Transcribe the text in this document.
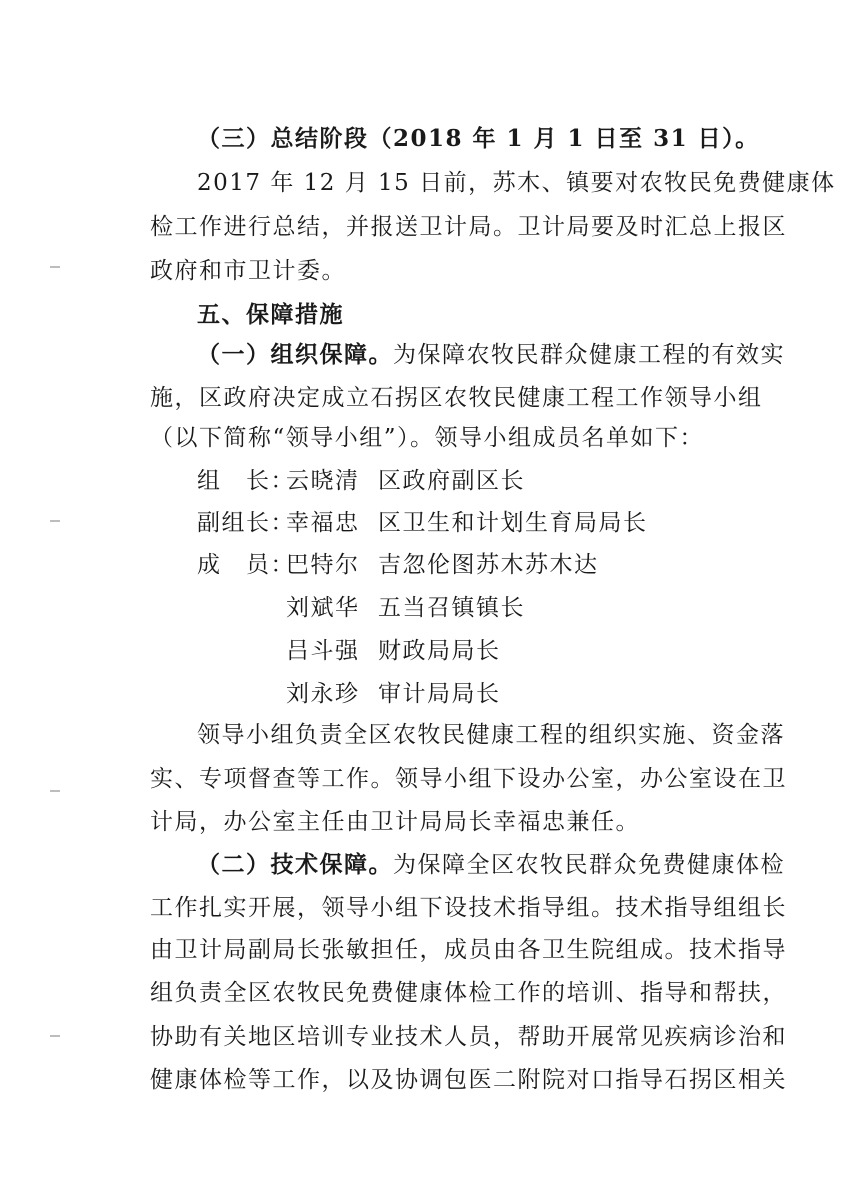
（三）总结阶段（2018 年 1 月 1 日至 31 日）。
2017 年 12 月 15 日前，苏木、镇要对农牧民免费健康体
检工作进行总结，并报送卫计局。卫计局要及时汇总上报区
政府和市卫计委。
五、保障措施
（一）组织保障。为保障农牧民群众健康工程的有效实
施，区政府决定成立石拐区农牧民健康工程工作领导小组
（以下简称“领导小组”）。领导小组成员名单如下：
组　长：
云晓清 区政府副区长
副组长：
幸福忠 区卫生和计划生育局局长
成　员：
巴特尔 吉忽伦图苏木苏木达
刘斌华 五当召镇镇长
吕斗强 财政局局长
刘永珍 审计局局长
领导小组负责全区农牧民健康工程的组织实施、资金落
实、专项督查等工作。领导小组下设办公室，办公室设在卫
计局，办公室主任由卫计局局长幸福忠兼任。
（二）技术保障。为保障全区农牧民群众免费健康体检
工作扎实开展，领导小组下设技术指导组。技术指导组组长
由卫计局副局长张敏担任，成员由各卫生院组成。技术指导
组负责全区农牧民免费健康体检工作的培训、指导和帮扶，
协助有关地区培训专业技术人员，帮助开展常见疾病诊治和
健康体检等工作，以及协调包医二附院对口指导石拐区相关
